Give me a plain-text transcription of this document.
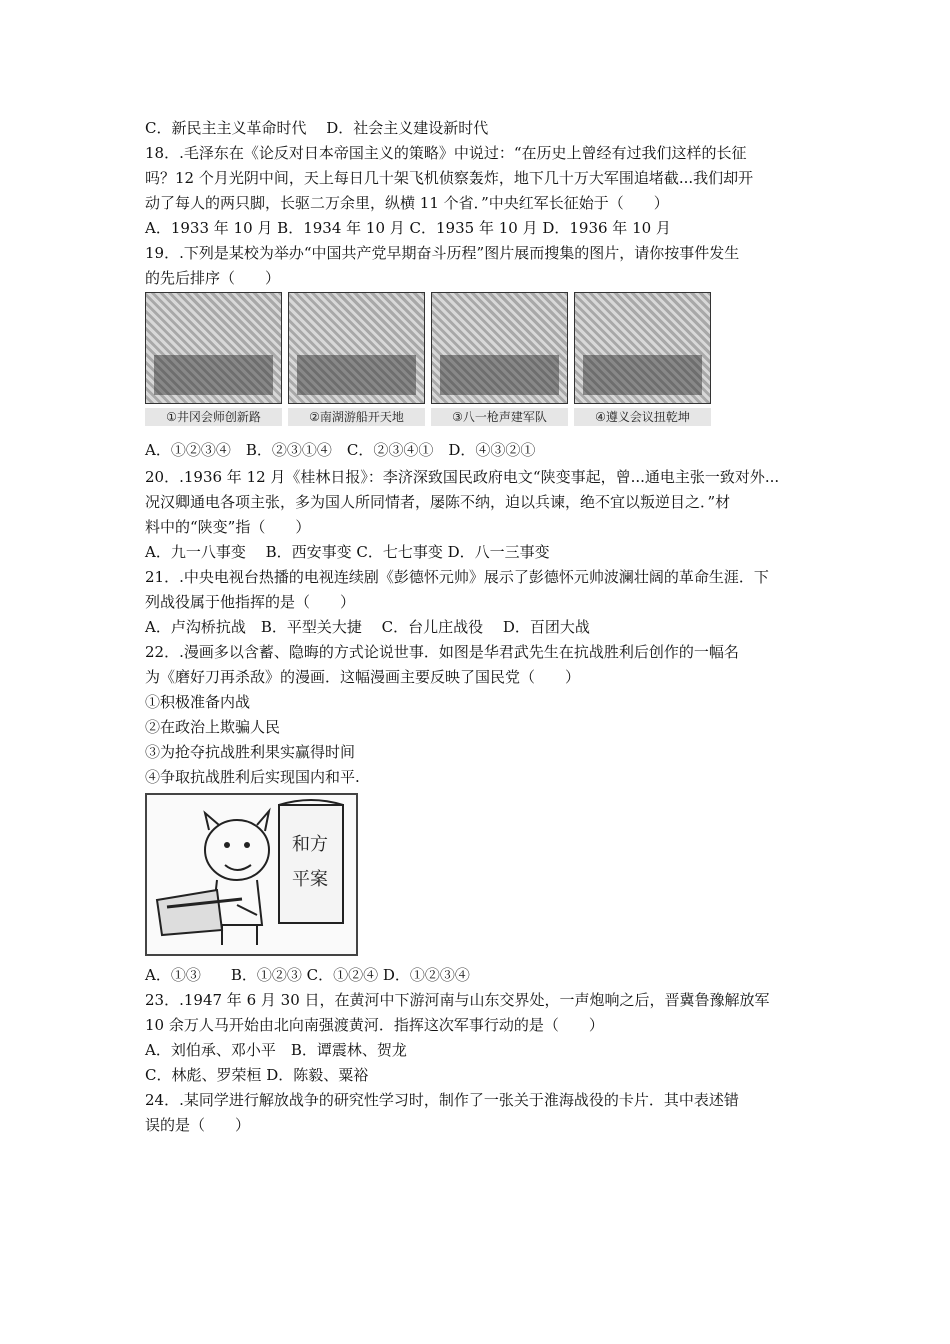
C．新民主主义革命时代　 D．社会主义建设新时代
18．.毛泽东在《论反对日本帝国主义的策略》中说过：“在历史上曾经有过我们这样的长征
吗？12 个月光阴中间，天上每日几十架飞机侦察轰炸，地下几十万大军围追堵截...我们却开
动了每人的两只脚，长驱二万余里，纵横 11 个省．”中央红军长征始于（　　）
A．1933 年 10 月 B．1934 年 10 月 C．1935 年 10 月 D．1936 年 10 月
19．.下列是某校为举办“中国共产党早期奋斗历程”图片展而搜集的图片，请你按事件发生
的先后排序（　　）
①井冈会师创新路	②南湖游船开天地	③八一枪声建军队	④遵义会议扭乾坤
A．①②③④　B．②③①④　C．②③④①　D．④③②①
20．.1936 年 12 月《桂林日报》：李济深致国民政府电文“陕变事起，曾...通电主张一致对外...
况汉卿通电各项主张，多为国人所同情者，屡陈不纳，迫以兵谏，绝不宜以叛逆目之．”材
料中的“陕变”指（　　）
A．九一八事变　 B．西安事变 C．七七事变 D．八一三事变
21．.中央电视台热播的电视连续剧《彭德怀元帅》展示了彭德怀元帅波澜壮阔的革命生涯．下
列战役属于他指挥的是（　　）
A．卢沟桥抗战　B．平型关大捷　 C．台儿庄战役　 D．百团大战
22．.漫画多以含蓄、隐晦的方式论说世事．如图是华君武先生在抗战胜利后创作的一幅名
为《磨好刀再杀敌》的漫画．这幅漫画主要反映了国民党（　　）
①积极准备内战
②在政治上欺骗人民
③为抢夺抗战胜利果实赢得时间
④争取抗战胜利后实现国内和平.
和方
平案
A．①③　　B．①②③ C．①②④ D．①②③④
23．.1947 年 6 月 30 日，在黄河中下游河南与山东交界处，一声炮响之后，晋冀鲁豫解放军
10 余万人马开始由北向南强渡黄河．指挥这次军事行动的是（　　）
A．刘伯承、邓小平　B．谭震林、贺龙
C．林彪、罗荣桓 D．陈毅、粟裕
24．.某同学进行解放战争的研究性学习时，制作了一张关于淮海战役的卡片．其中表述错
误的是（　　）
